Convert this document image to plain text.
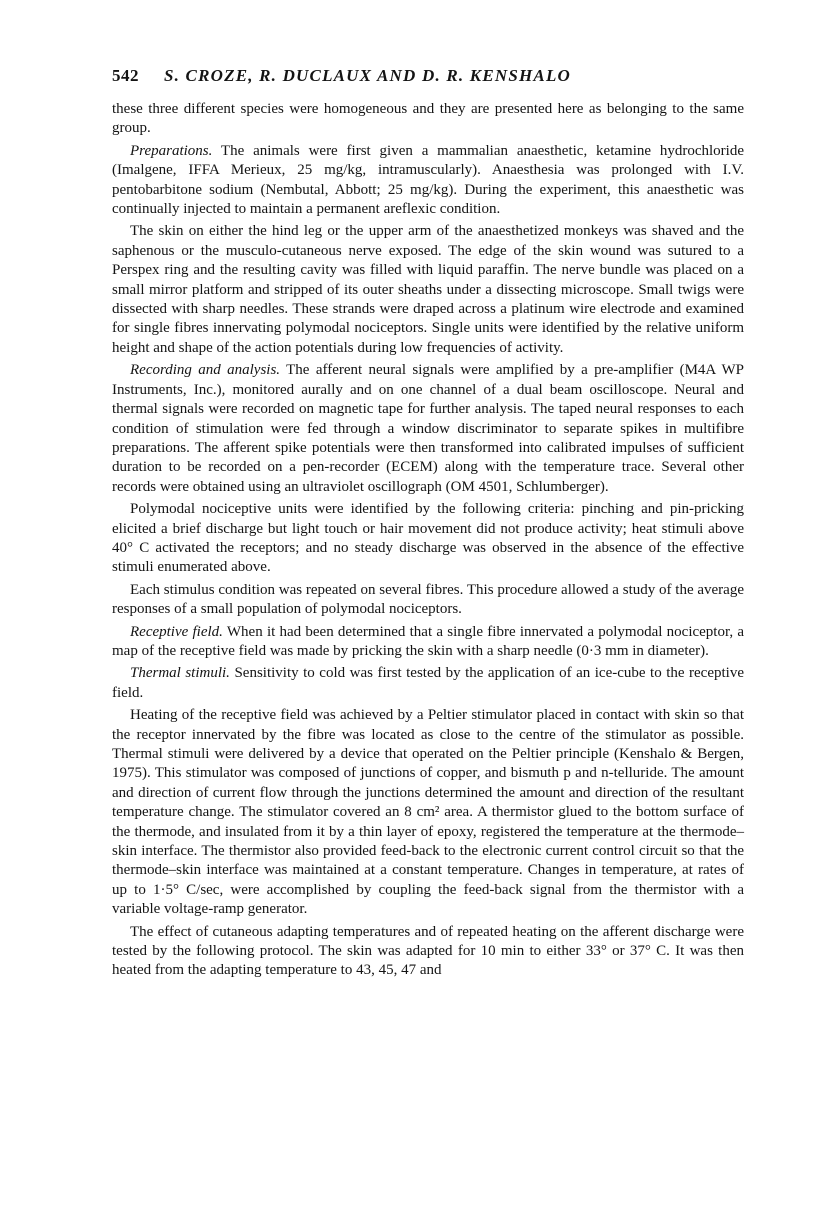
542 S. CROZE, R. DUCLAUX AND D. R. KENSHALO

these three different species were homogeneous and they are presented here as belonging to the same group.

Preparations. The animals were first given a mammalian anaesthetic, ketamine hydrochloride (Imalgene, IFFA Merieux, 25 mg/kg, intramuscularly). Anaesthesia was prolonged with I.V. pentobarbitone sodium (Nembutal, Abbott; 25 mg/kg). During the experiment, this anaesthetic was continually injected to maintain a permanent areflexic condition.

The skin on either the hind leg or the upper arm of the anaesthetized monkeys was shaved and the saphenous or the musculo-cutaneous nerve exposed. The edge of the skin wound was sutured to a Perspex ring and the resulting cavity was filled with liquid paraffin. The nerve bundle was placed on a small mirror platform and stripped of its outer sheaths under a dissecting microscope. Small twigs were dissected with sharp needles. These strands were draped across a platinum wire electrode and examined for single fibres innervating polymodal nociceptors. Single units were identified by the relative uniform height and shape of the action potentials during low frequencies of activity.

Recording and analysis. The afferent neural signals were amplified by a pre-amplifier (M4A WP Instruments, Inc.), monitored aurally and on one channel of a dual beam oscilloscope. Neural and thermal signals were recorded on magnetic tape for further analysis. The taped neural responses to each condition of stimulation were fed through a window discriminator to separate spikes in multifibre preparations. The afferent spike potentials were then transformed into calibrated impulses of sufficient duration to be recorded on a pen-recorder (ECEM) along with the temperature trace. Several other records were obtained using an ultraviolet oscillograph (OM 4501, Schlumberger).

Polymodal nociceptive units were identified by the following criteria: pinching and pin-pricking elicited a brief discharge but light touch or hair movement did not produce activity; heat stimuli above 40° C activated the receptors; and no steady discharge was observed in the absence of the effective stimuli enumerated above.

Each stimulus condition was repeated on several fibres. This procedure allowed a study of the average responses of a small population of polymodal nociceptors.

Receptive field. When it had been determined that a single fibre innervated a polymodal nociceptor, a map of the receptive field was made by pricking the skin with a sharp needle (0·3 mm in diameter).

Thermal stimuli. Sensitivity to cold was first tested by the application of an ice-cube to the receptive field.

Heating of the receptive field was achieved by a Peltier stimulator placed in contact with skin so that the receptor innervated by the fibre was located as close to the centre of the stimulator as possible. Thermal stimuli were delivered by a device that operated on the Peltier principle (Kenshalo & Bergen, 1975). This stimulator was composed of junctions of copper, and bismuth p and n-telluride. The amount and direction of current flow through the junctions determined the amount and direction of the resultant temperature change. The stimulator covered an 8 cm² area. A thermistor glued to the bottom surface of the thermode, and insulated from it by a thin layer of epoxy, registered the temperature at the thermode–skin interface. The thermistor also provided feed-back to the electronic current control circuit so that the thermode–skin interface was maintained at a constant temperature. Changes in temperature, at rates of up to 1·5° C/sec, were accomplished by coupling the feed-back signal from the thermistor with a variable voltage-ramp generator.

The effect of cutaneous adapting temperatures and of repeated heating on the afferent discharge were tested by the following protocol. The skin was adapted for 10 min to either 33° or 37° C. It was then heated from the adapting temperature to 43, 45, 47 and
